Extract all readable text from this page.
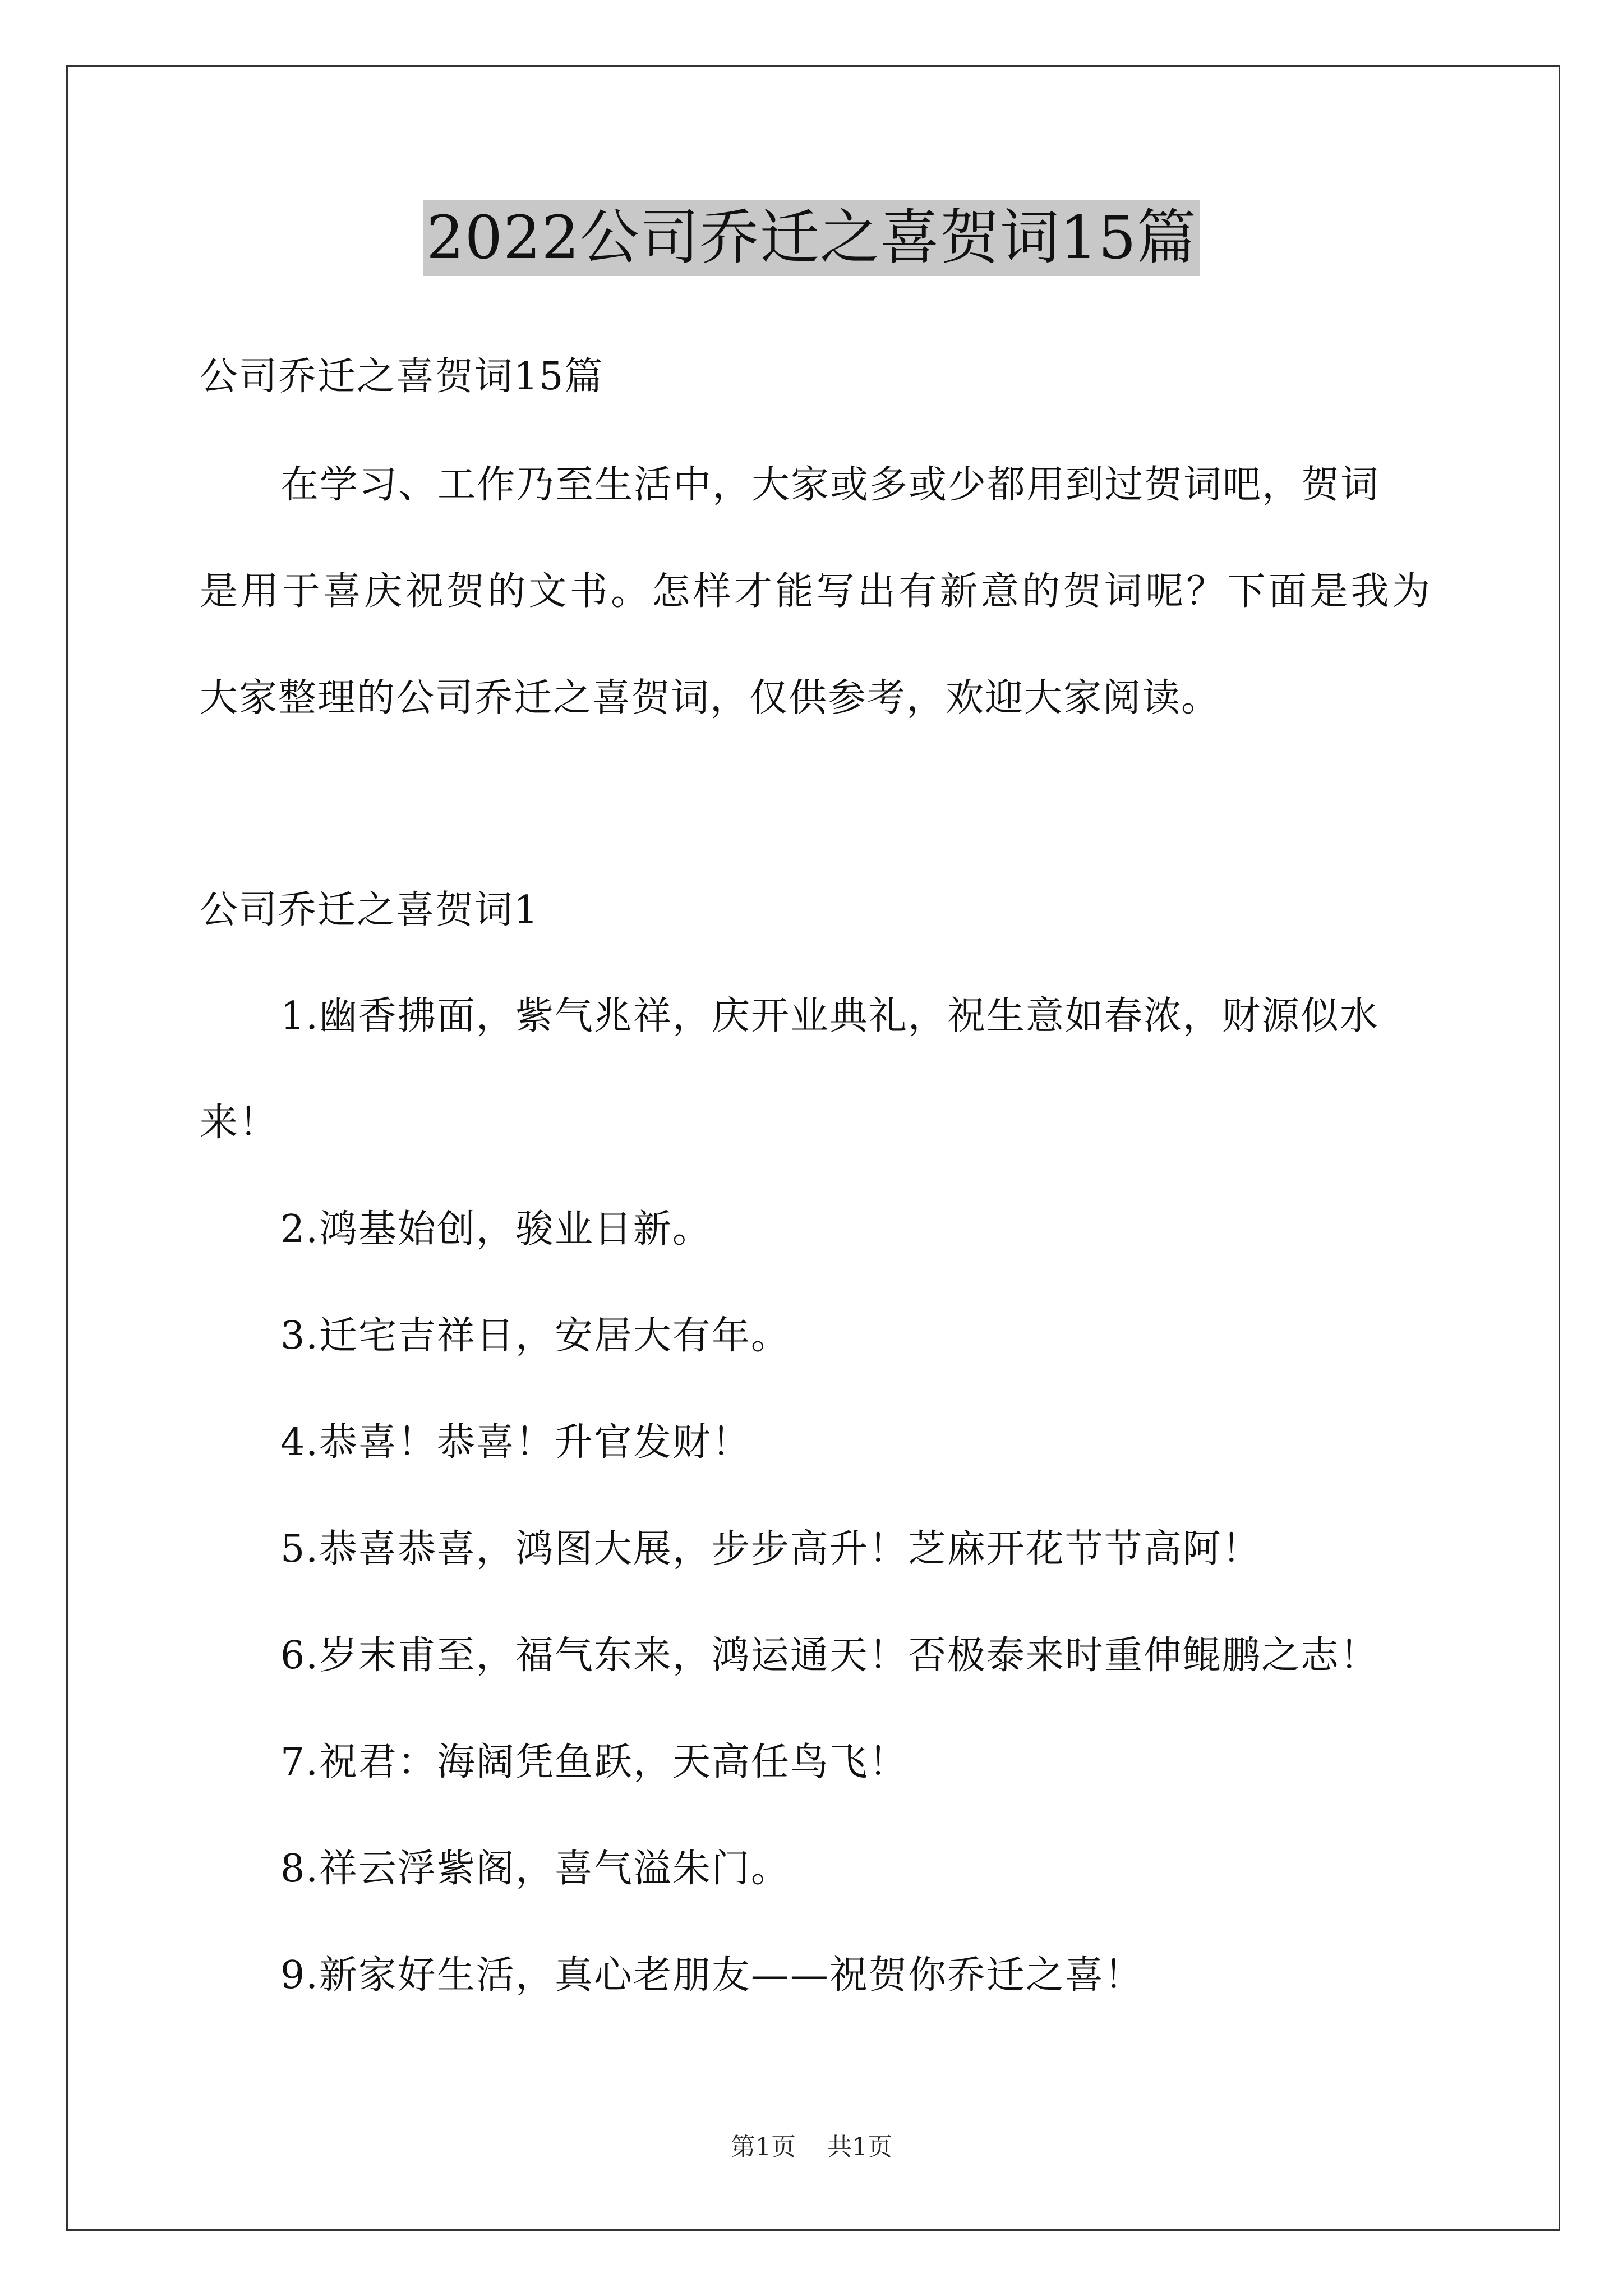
2022公司乔迁之喜贺词15篇
公司乔迁之喜贺词15篇
在学习、工作乃至生活中，大家或多或少都用到过贺词吧，贺词
是用于喜庆祝贺的文书。怎样才能写出有新意的贺词呢？下面是我为
大家整理的公司乔迁之喜贺词，仅供参考，欢迎大家阅读。
公司乔迁之喜贺词1
1.幽香拂面，紫气兆祥，庆开业典礼，祝生意如春浓，财源似水
来！
2.鸿基始创，骏业日新。
3.迁宅吉祥日，安居大有年。
4.恭喜！恭喜！升官发财！
5.恭喜恭喜，鸿图大展，步步高升！芝麻开花节节高阿！
6.岁末甫至，福气东来，鸿运通天！否极泰来时重伸鲲鹏之志！
7.祝君：海阔凭鱼跃，天高任鸟飞！
8.祥云浮紫阁，喜气溢朱门。
9.新家好生活，真心老朋友——祝贺你乔迁之喜！
第1页 共1页
